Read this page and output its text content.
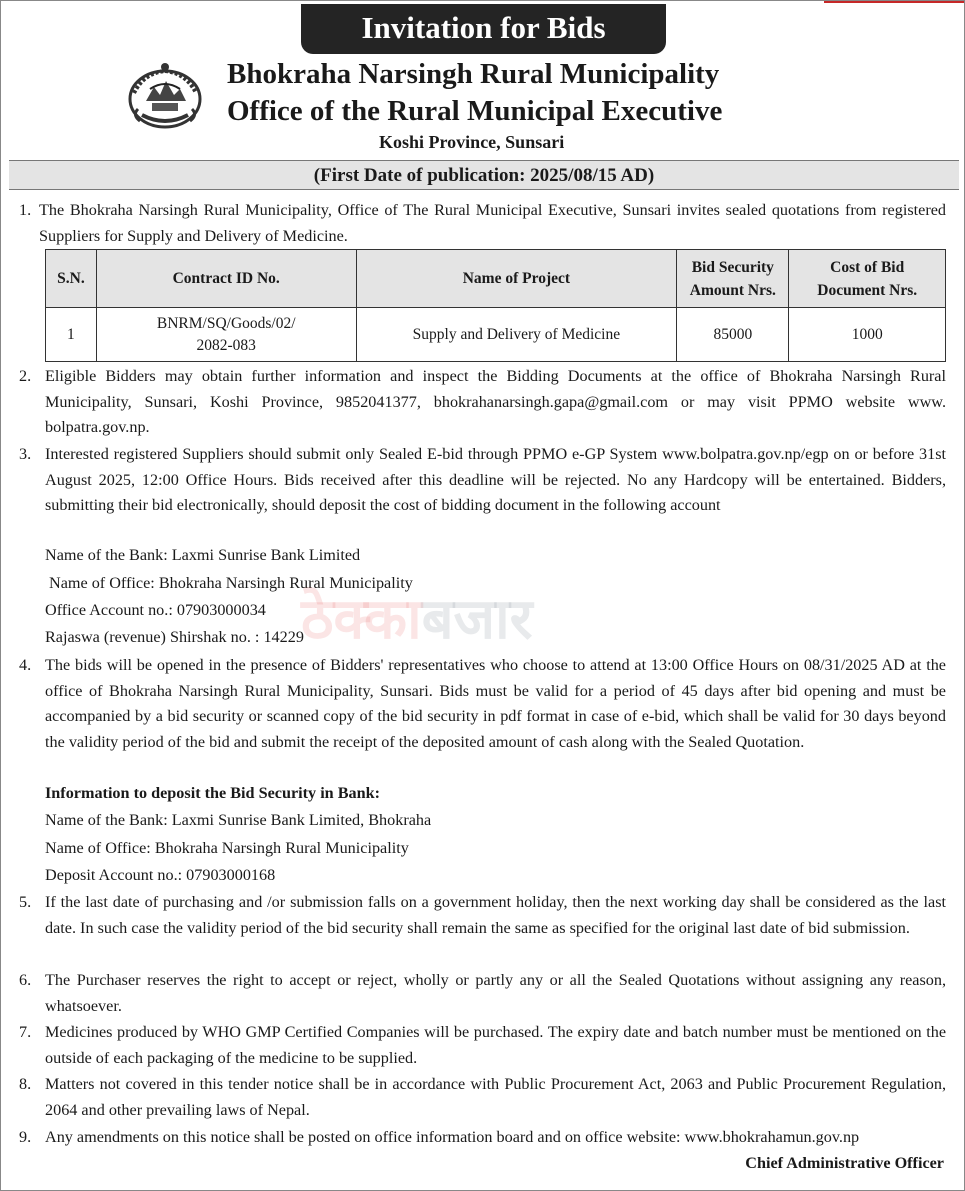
Invitation for Bids
Bhokraha Narsingh Rural Municipality
Office of the Rural Municipal Executive
Koshi Province, Sunsari
(First Date of publication: 2025/08/15 AD)
1. The Bhokraha Narsingh Rural Municipality, Office of The Rural Municipal Executive, Sunsari invites sealed quotations from registered Suppliers for Supply and Delivery of Medicine.
S.N.	Contract ID No.	Name of Project	Bid Security Amount Nrs.	Cost of Bid Document Nrs.
1	BNRM/SQ/Goods/02/ 2082-083	Supply and Delivery of Medicine	85000	1000
2. Eligible Bidders may obtain further information and inspect the Bidding Documents at the office of Bhokraha Narsingh Rural Municipality, Sunsari, Koshi Province, 9852041377, bhokrahanarsingh.gapa@gmail.com or may visit PPMO website www. bolpatra.gov.np.
3. Interested registered Suppliers should submit only Sealed E-bid through PPMO e-GP System www.bolpatra.gov.np/egp on or before 31st August 2025, 12:00 Office Hours. Bids received after this deadline will be rejected. No any Hardcopy will be entertained. Bidders, submitting their bid electronically, should deposit the cost of bidding document in the following account
Name of the Bank: Laxmi Sunrise Bank Limited
Name of Office: Bhokraha Narsingh Rural Municipality
Office Account no.: 07903000034 ठेक्काबजार
Rajaswa (revenue) Shirshak no. : 14229
4. The bids will be opened in the presence of Bidders' representatives who choose to attend at 13:00 Office Hours on 08/31/2025 AD at the office of Bhokraha Narsingh Rural Municipality, Sunsari. Bids must be valid for a period of 45 days after bid opening and must be accompanied by a bid security or scanned copy of the bid security in pdf format in case of e-bid, which shall be valid for 30 days beyond the validity period of the bid and submit the receipt of the deposited amount of cash along with the Sealed Quotation.
Information to deposit the Bid Security in Bank:
Name of the Bank: Laxmi Sunrise Bank Limited, Bhokraha
Name of Office: Bhokraha Narsingh Rural Municipality
Deposit Account no.: 07903000168
5. If the last date of purchasing and /or submission falls on a government holiday, then the next working day shall be considered as the last date. In such case the validity period of the bid security shall remain the same as specified for the original last date of bid submission.
6. The Purchaser reserves the right to accept or reject, wholly or partly any or all the Sealed Quotations without assigning any reason, whatsoever.
7. Medicines produced by WHO GMP Certified Companies will be purchased. The expiry date and batch number must be mentioned on the outside of each packaging of the medicine to be supplied.
8. Matters not covered in this tender notice shall be in accordance with Public Procurement Act, 2063 and Public Procurement Regulation, 2064 and other prevailing laws of Nepal.
9. Any amendments on this notice shall be posted on office information board and on office website: www.bhokrahamun.gov.np
Chief Administrative Officer
